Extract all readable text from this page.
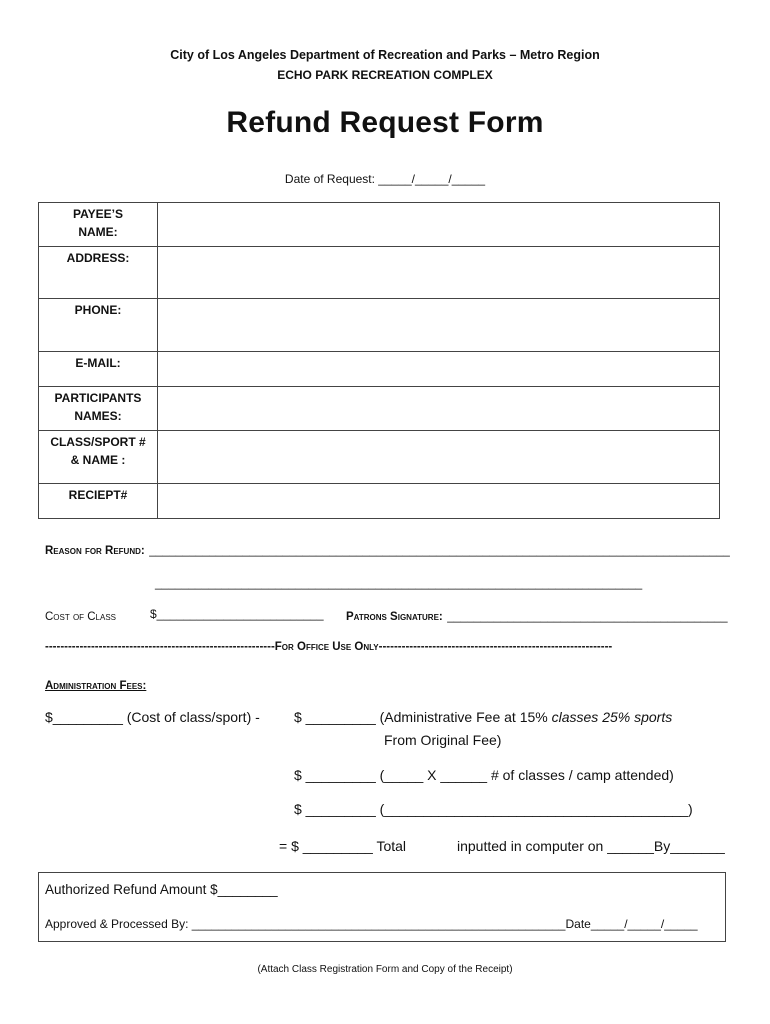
City of Los Angeles Department of Recreation and Parks – Metro Region
ECHO PARK RECREATION COMPLEX
Refund Request Form
Date of Request: _____/_____/_____
PAYEE’S NAME:	
ADDRESS:	
PHONE:	
E-MAIL:	
PARTICIPANTS NAMES:	
CLASS/SPORT # & NAME :	
RECIEPT#	
Reason for Refund: _______________________________________________________________________________________
_________________________________________________________________________
Cost of Class	$_________________________ Patrons Signature: __________________________________________
------------------------------------------------------------For Office Use Only-------------------------------------------------------------
Administration Fees:
$_________ (Cost of class/sport) - $ _________ (Administrative Fee at 15% classes 25% sports
From Original Fee)
$ _________ (_____ X ______ # of classes / camp attended)
$ _________ (_______________________________________)
= $ _________ Total	inputted in computer on ______By_______
Authorized Refund Amount $________
Approved & Processed By: ________________________________________________________Date_____/_____/_____
(Attach Class Registration Form and Copy of the Receipt)
